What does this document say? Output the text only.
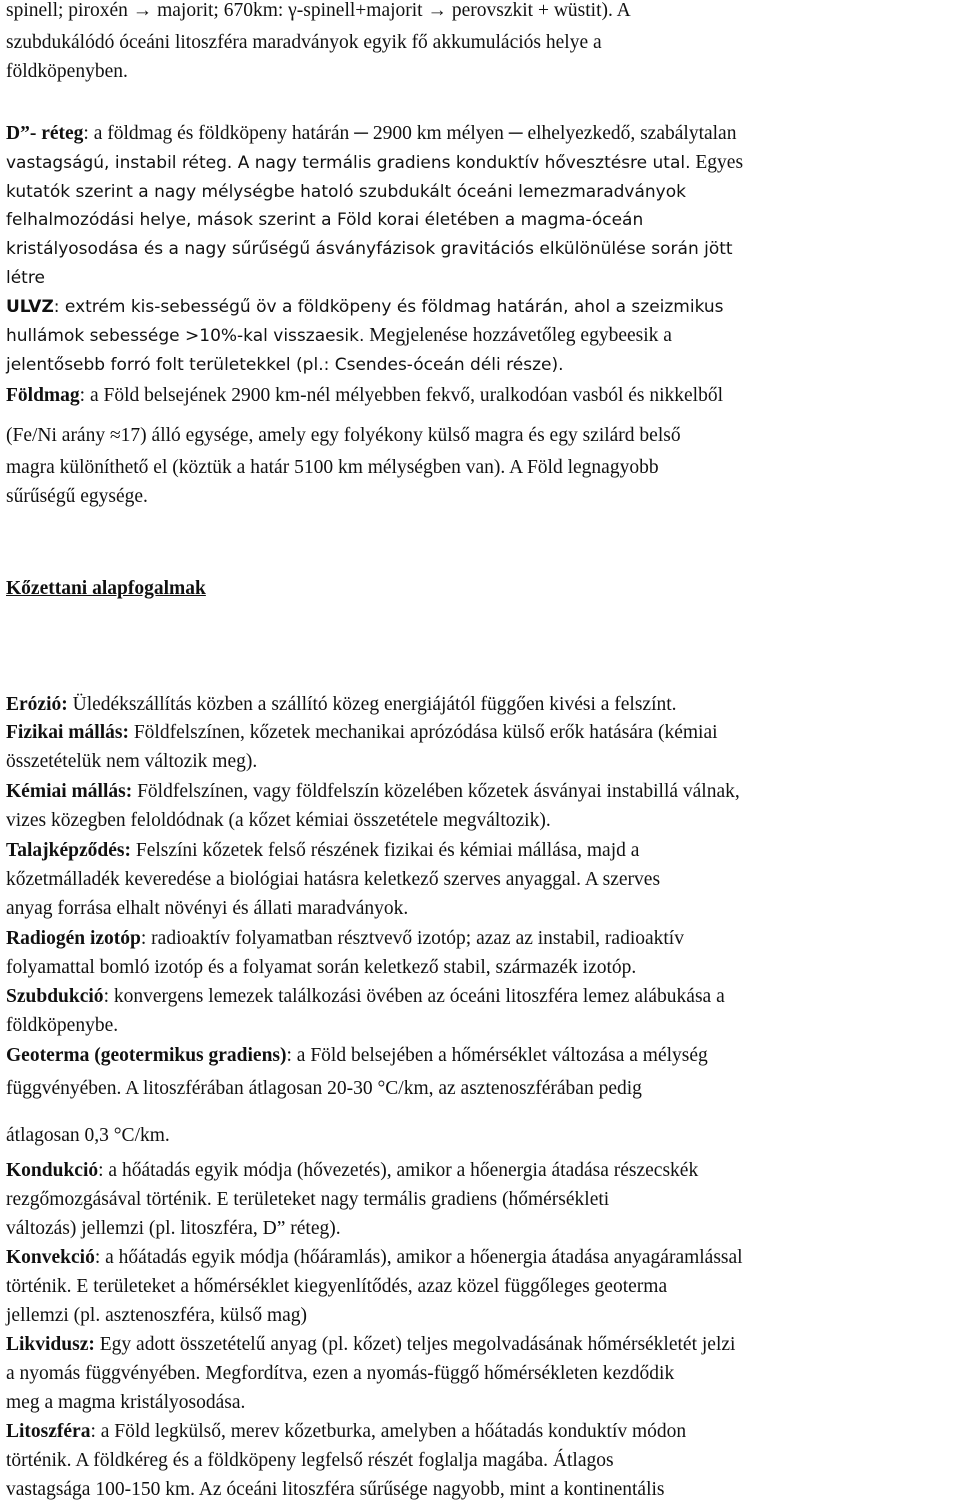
spinell; piroxén → majorit; 670km: γ-spinell+majorit → perovszkit + wüstit). A
szubdukálódó óceáni litoszféra maradványok egyik fő akkumulációs helye a
földköpenyben.
D”- réteg: a földmag és földköpeny határán ─ 2900 km mélyen ─ elhelyezkedő, szabálytalan
vastagságú, instabil réteg. A nagy termális gradiens konduktív hővesztésre utal. Egyes
kutatók szerint a nagy mélységbe hatoló szubdukált óceáni lemezmaradványok
felhalmozódási helye, mások szerint a Föld korai életében a magma-óceán
kristályosodása és a nagy sűrűségű ásványfázisok gravitációs elkülönülése során jött
létre
ULVZ: extrém kis-sebességű öv a földköpeny és földmag határán, ahol a szeizmikus
hullámok sebessége >10%-kal visszaesik. Megjelenése hozzávetőleg egybeesik a
jelentősebb forró folt területekkel (pl.: Csendes-óceán déli része).
Földmag: a Föld belsejének 2900 km-nél mélyebben fekvő, uralkodóan vasból és nikkelből
(Fe/Ni arány ≈17) álló egysége, amely egy folyékony külső magra és egy szilárd belső
magra különíthető el (köztük a határ 5100 km mélységben van). A Föld legnagyobb
sűrűségű egysége.
Kőzettani alapfogalmak
Erózió: Üledékszállítás közben a szállító közeg energiájától függően kivési a felszínt.
Fizikai mállás: Földfelszínen, kőzetek mechanikai aprózódása külső erők hatására (kémiai
összetételük nem változik meg).
Kémiai mállás: Földfelszínen, vagy földfelszín közelében kőzetek ásványai instabillá válnak,
vizes közegben feloldódnak (a kőzet kémiai összetétele megváltozik).
Talajképződés: Felszíni kőzetek felső részének fizikai és kémiai mállása, majd a
kőzetmálladék keveredése a biológiai hatásra keletkező szerves anyaggal. A szerves
anyag forrása elhalt növényi és állati maradványok.
Radiogén izotóp: radioaktív folyamatban résztvevő izotóp; azaz az instabil, radioaktív
folyamattal bomló izotóp és a folyamat során keletkező stabil, származék izotóp.
Szubdukció: konvergens lemezek találkozási övében az óceáni litoszféra lemez alábukása a
földköpenybe.
Geoterma (geotermikus gradiens): a Föld belsejében a hőmérséklet változása a mélység
függvényében. A litoszférában átlagosan 20-30 °C/km, az asztenoszférában pedig
átlagosan 0,3 °C/km.
Kondukció: a hőátadás egyik módja (hővezetés), amikor a hőenergia átadása részecskék
rezgőmozgásával történik. E területeket nagy termális gradiens (hőmérsékleti
változás) jellemzi (pl. litoszféra, D” réteg).
Konvekció: a hőátadás egyik módja (hőáramlás), amikor a hőenergia átadása anyagáramlással
történik. E területeket a hőmérséklet kiegyenlítődés, azaz közel függőleges geoterma
jellemzi (pl. asztenoszféra, külső mag)
Likvidusz: Egy adott összetételű anyag (pl. kőzet) teljes megolvadásának hőmérsékletét jelzi
a nyomás függvényében. Megfordítva, ezen a nyomás-függő hőmérsékleten kezdődik
meg a magma kristályosodása.
Litoszféra: a Föld legkülső, merev kőzetburka, amelyben a hőátadás konduktív módon
történik. A földkéreg és a földköpeny legfelső részét foglalja magába. Átlagos
vastagsága 100-150 km. Az óceáni litoszféra sűrűsége nagyobb, mint a kontinentális
